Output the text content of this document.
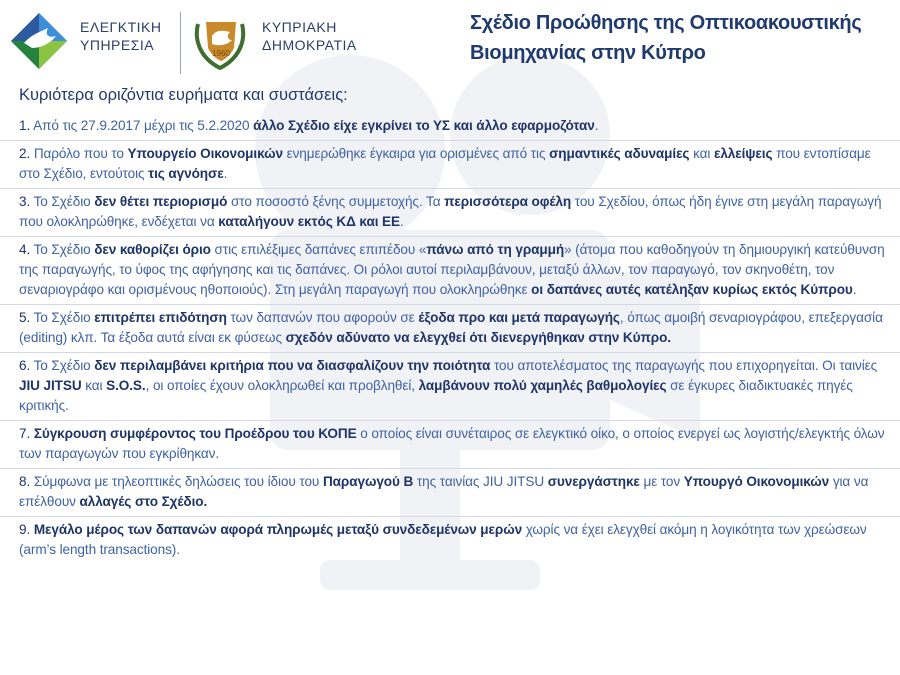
ΕΛΕΓΚΤΙΚΗ
ΥΠΗΡΕΣΙΑ
1960
ΚΥΠΡΙΑΚΗ
ΔΗΜΟΚΡΑΤΙΑ
Σχέδιο Προώθησης της Οπτικοακουστικής
Βιομηχανίας στην Κύπρο
Κυριότερα οριζόντια ευρήματα και συστάσεις:
1. Από τις 27.9.2017 μέχρι τις 5.2.2020 άλλο Σχέδιο είχε εγκρίνει το ΥΣ και άλλο εφαρμοζόταν.
2. Παρόλο που το Υπουργείο Οικονομικών ενημερώθηκε έγκαιρα για ορισμένες από τις σημαντικές αδυναμίες και ελλείψεις που εντοπίσαμε στο Σχέδιο, εντούτοις τις αγνόησε.
3. Το Σχέδιο δεν θέτει περιορισμό στο ποσοστό ξένης συμμετοχής. Τα περισσότερα οφέλη του Σχεδίου, όπως ήδη έγινε στη μεγάλη παραγωγή που ολοκληρώθηκε, ενδέχεται να καταλήγουν εκτός ΚΔ και ΕΕ.
4. Το Σχέδιο δεν καθορίζει όριο στις επιλέξιμες δαπάνες επιπέδου «πάνω από τη γραμμή» (άτομα που καθοδηγούν τη δημιουργική κατεύθυνση της παραγωγής, το ύφος της αφήγησης και τις δαπάνες. Οι ρόλοι αυτοί περιλαμβάνουν, μεταξύ άλλων, τον παραγωγό, τον σκηνοθέτη, τον σεναριογράφο και ορισμένους ηθοποιούς). Στη μεγάλη παραγωγή που ολοκληρώθηκε οι δαπάνες αυτές κατέληξαν κυρίως εκτός Κύπρου.
5. Το Σχέδιο επιτρέπει επιδότηση των δαπανών που αφορούν σε έξοδα προ και μετά παραγωγής, όπως αμοιβή σεναριογράφου, επεξεργασία (editing) κλπ. Τα έξοδα αυτά είναι εκ φύσεως σχεδόν αδύνατο να ελεγχθεί ότι διενεργήθηκαν στην Κύπρο.
6. Το Σχέδιο δεν περιλαμβάνει κριτήρια που να διασφαλίζουν την ποιότητα του αποτελέσματος της παραγωγής που επιχορηγείται. Οι ταινίες JIU JITSU και S.O.S., οι οποίες έχουν ολοκληρωθεί και προβληθεί, λαμβάνουν πολύ χαμηλές βαθμολογίες σε έγκυρες διαδικτυακές πηγές κριτικής.
7. Σύγκρουση συμφέροντος του Προέδρου του ΚΟΠΕ ο οποίος είναι συνέταιρος σε ελεγκτικό οίκο, ο οποίος ενεργεί ως λογιστής/ελεγκτής όλων των παραγωγών που εγκρίθηκαν.
8. Σύμφωνα με τηλεοπτικές δηλώσεις του ίδιου του Παραγωγού Β της ταινίας JIU JITSU συνεργάστηκε με τον Υπουργό Οικονομικών για να επέλθουν αλλαγές στο Σχέδιο.
9. Μεγάλο μέρος των δαπανών αφορά πληρωμές μεταξύ συνδεδεμένων μερών χωρίς να έχει ελεγχθεί ακόμη η λογικότητα των χρεώσεων (arm’s length transactions).
